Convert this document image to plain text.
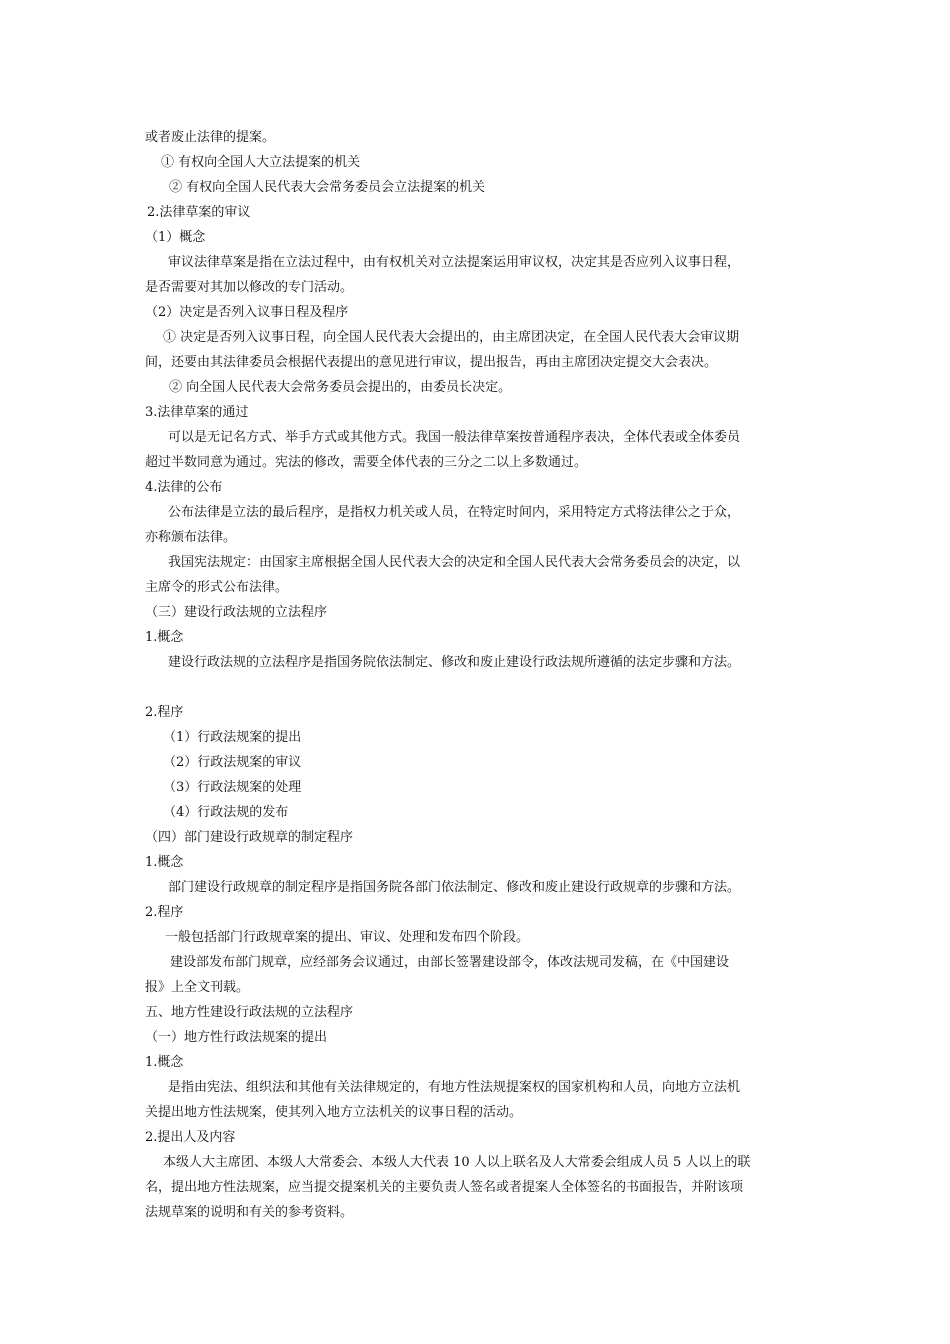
或者废止法律的提案。
① 有权向全国人大立法提案的机关
② 有权向全国人民代表大会常务委员会立法提案的机关
2.法律草案的审议
（1）概念
审议法律草案是指在立法过程中，由有权机关对立法提案运用审议权，决定其是否应列入议事日程，
是否需要对其加以修改的专门活动。
（2）决定是否列入议事日程及程序
① 决定是否列入议事日程，向全国人民代表大会提出的，由主席团决定，在全国人民代表大会审议期
间，还要由其法律委员会根据代表提出的意见进行审议，提出报告，再由主席团决定提交大会表决。
② 向全国人民代表大会常务委员会提出的，由委员长决定。
3.法律草案的通过
可以是无记名方式、举手方式或其他方式。我国一般法律草案按普通程序表决，全体代表或全体委员
超过半数同意为通过。宪法的修改，需要全体代表的三分之二以上多数通过。
4.法律的公布
公布法律是立法的最后程序，是指权力机关或人员，在特定时间内，采用特定方式将法律公之于众，
亦称颁布法律。
我国宪法规定：由国家主席根据全国人民代表大会的决定和全国人民代表大会常务委员会的决定，以
主席令的形式公布法律。
（三）建设行政法规的立法程序
1.概念
建设行政法规的立法程序是指国务院依法制定、修改和废止建设行政法规所遵循的法定步骤和方法。
2.程序
（1）行政法规案的提出
（2）行政法规案的审议
（3）行政法规案的处理
（4）行政法规的发布
（四）部门建设行政规章的制定程序
1.概念
部门建设行政规章的制定程序是指国务院各部门依法制定、修改和废止建设行政规章的步骤和方法。
2.程序
一般包括部门行政规章案的提出、审议、处理和发布四个阶段。
建设部发布部门规章，应经部务会议通过，由部长签署建设部令，体改法规司发稿，在《中国建设
报》上全文刊载。
五、地方性建设行政法规的立法程序
（一）地方性行政法规案的提出
1.概念
是指由宪法、组织法和其他有关法律规定的，有地方性法规提案权的国家机构和人员，向地方立法机
关提出地方性法规案，使其列入地方立法机关的议事日程的活动。
2.提出人及内容
本级人大主席团、本级人大常委会、本级人大代表 10 人以上联名及人大常委会组成人员 5 人以上的联
名，提出地方性法规案，应当提交提案机关的主要负责人签名或者提案人全体签名的书面报告，并附该项
法规草案的说明和有关的参考资料。
